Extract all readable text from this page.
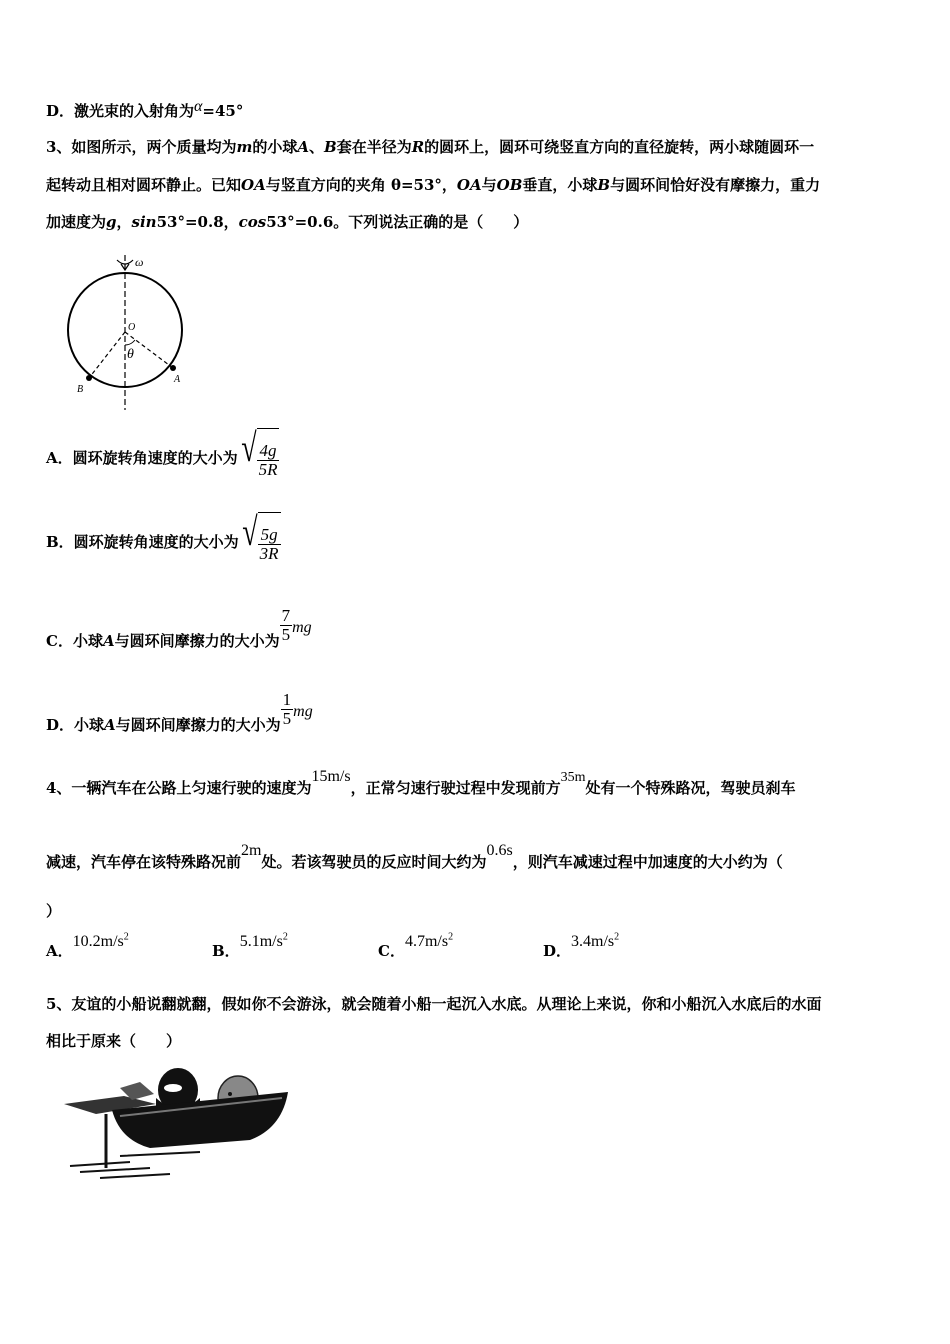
D．激光束的入射角为α=45°
3、如图所示，两个质量均为m的小球A、B套在半径为R的圆环上，圆环可绕竖直方向的直径旋转，两小球随圆环一
起转动且相对圆环静止。已知OA与竖直方向的夹角 θ=53°，OA与OB垂直，小球B与圆环间恰好没有摩擦力，重力
加速度为g，sin53°=0.8，cos53°=0.6。下列说法正确的是（　　）
ω
O
θ
A
B
A．圆环旋转角速度的大小为 √ $\frac{4g}{5R}$
B．圆环旋转角速度的大小为 √ $\frac{5g}{3R}$
C．小球A与圆环间摩擦力的大小为 $\frac{7}{5}$ mg
D．小球A与圆环间摩擦力的大小为 $\frac{1}{5}$ mg
4、一辆汽车在公路上匀速行驶的速度为15m/s，正常匀速行驶过程中发现前方35m处有一个特殊路况，驾驶员刹车
减速，汽车停在该特殊路况前2m处。若该驾驶员的反应时间大约为0.6s，则汽车减速过程中加速度的大小约为（
）
A．$10.2m/s^2$
B．$5.1m/s^2$
C．$4.7m/s^2$
D．$3.4m/s^2$
5、友谊的小船说翻就翻，假如你不会游泳，就会随着小船一起沉入水底。从理论上来说，你和小船沉入水底后的水面
相比于原来（　　）
